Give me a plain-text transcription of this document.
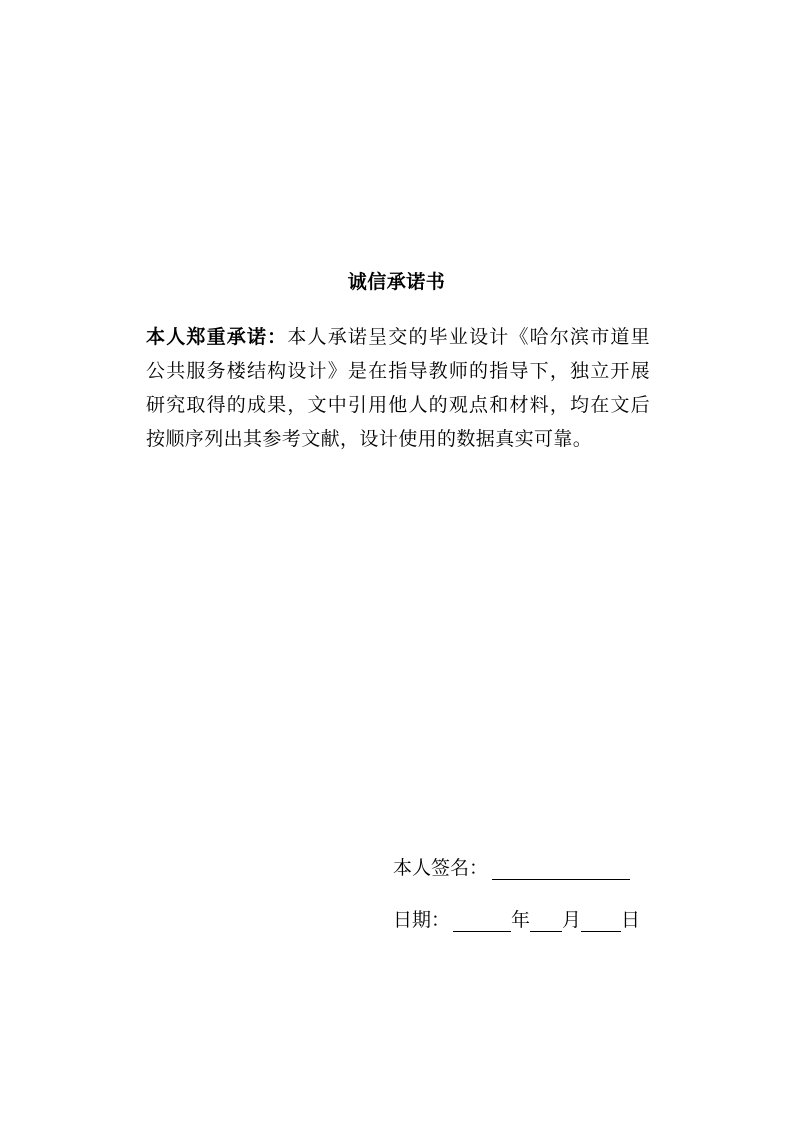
诚信承诺书
本人郑重承诺：本人承诺呈交的毕业设计《哈尔滨市道里公共服务楼结构设计》是在指导教师的指导下，独立开展研究取得的成果，文中引用他人的观点和材料，均在文后按顺序列出其参考文献，设计使用的数据真实可靠。
本人签名：
日期：	年 月 日
